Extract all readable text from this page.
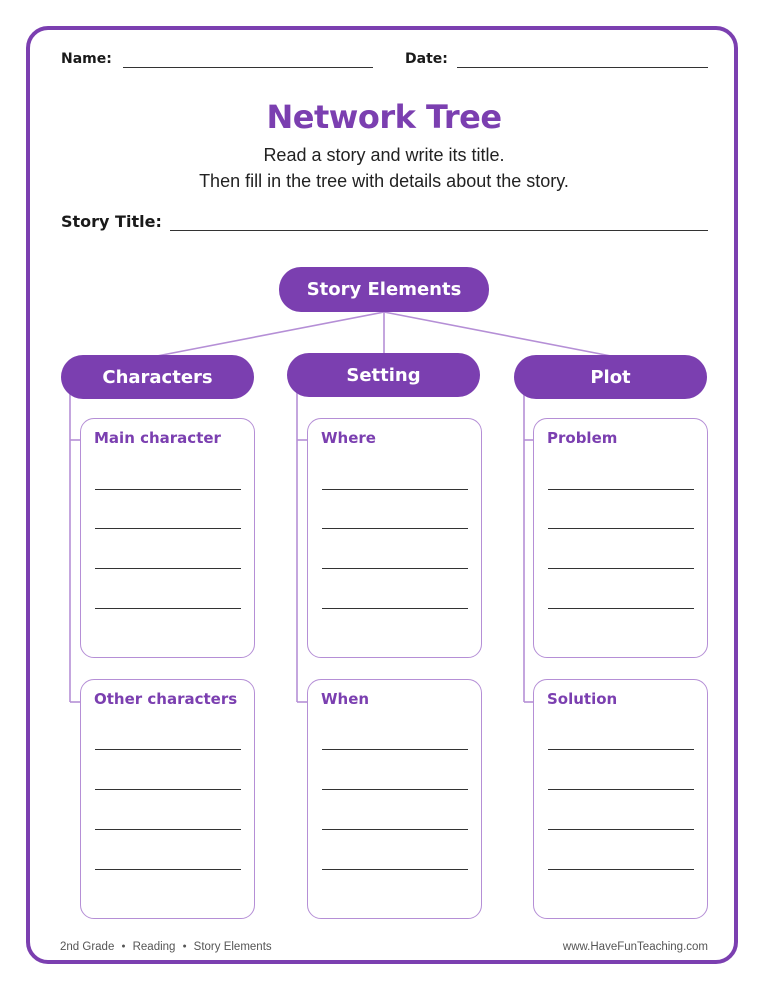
Name:	Date:
Network Tree
Read a story and write its title.
Then fill in the tree with details about the story.
Story Title:
Story Elements
Characters	Setting	Plot
Main character
Other characters
Where
When
Problem
Solution
2nd Grade ● Reading ● Story Elements	www.HaveFunTeaching.com
